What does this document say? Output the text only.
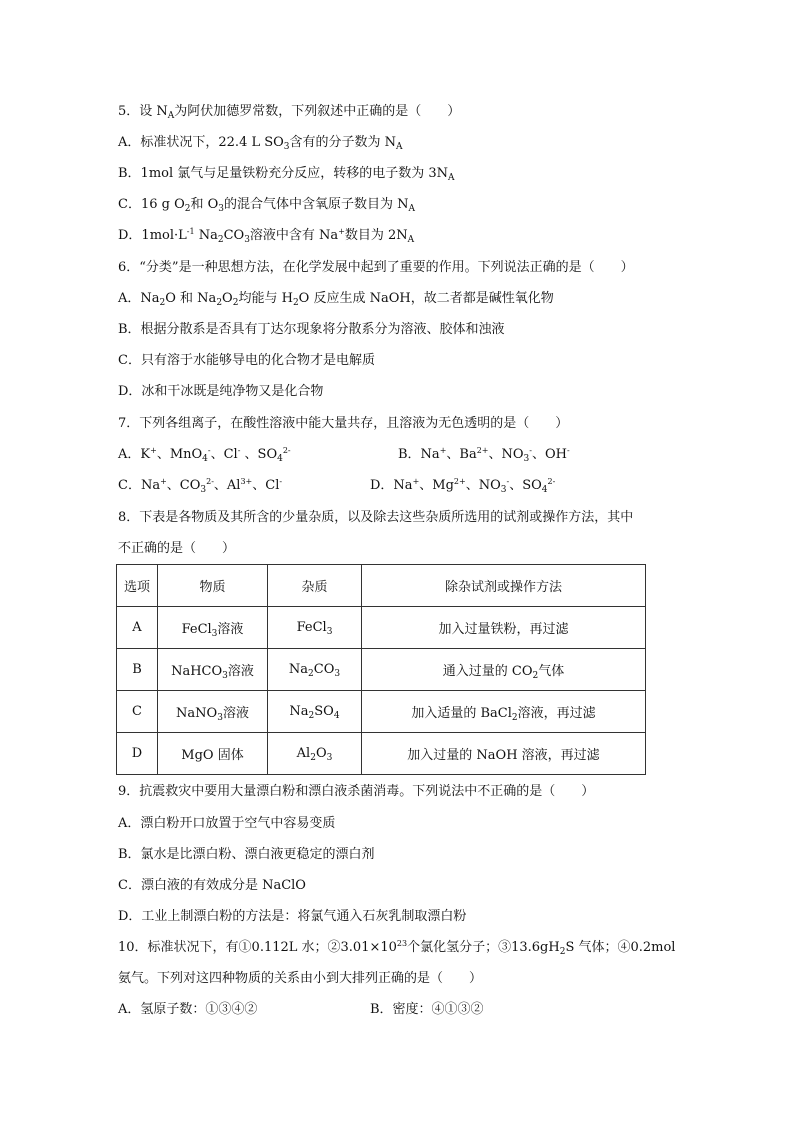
5．设 $N_A$为阿伏加德罗常数，下列叙述中正确的是（　　）
A．标准状况下，22.4 L $SO_3$含有的分子数为 $N_A$
B．1mol 氯气与足量铁粉充分反应，转移的电子数为 $3N_A$
C．16 g $O_2$和 $O_3$的混合气体中含氧原子数目为 $N_A$
D．$1mol\cdot L^{-1}$ $Na_2CO_3$溶液中含有 Na+数目为 $2N_A$
6．“分类”是一种思想方法，在化学发展中起到了重要的作用。下列说法正确的是（　　）
A．$Na_2O$ 和 $Na_2O_2$均能与 $H_2O$ 反应生成 NaOH，故二者都是碱性氧化物
B．根据分散系是否具有丁达尔现象将分散系分为溶液、胶体和浊液
C．只有溶于水能够导电的化合物才是电解质
D．冰和干冰既是纯净物又是化合物
7．下列各组离子，在酸性溶液中能大量共存，且溶液为无色透明的是（　　）
A．K+、MnO$_4$-、Cl- 、$SO_4^{2-}$	B．Na+、$Ba^{2+}$、$NO_3^-$、OH-
C．Na+、$CO_3^{2-}$、$Al^{3+}$、Cl-	D．Na+、$Mg^{2+}$、$NO_3^-$、$SO_4^{2-}$
8．下表是各物质及其所含的少量杂质，以及除去这些杂质所选用的试剂或操作方法，其中
不正确的是（　　）
选项	物质	杂质	除杂试剂或操作方法
A	FeCl$_3$溶液	FeCl$_3$	加入过量铁粉，再过滤
B	NaHCO$_3$溶液	$Na_2CO_3$	通入过量的 $CO_2$气体
C	NaNO$_3$溶液	$Na_2SO_4$	加入适量的 BaCl$_2$溶液，再过滤
D	MgO 固体	$Al_2O_3$	加入过量的 NaOH 溶液，再过滤
9．抗震救灾中要用大量漂白粉和漂白液杀菌消毒。下列说法中不正确的是（　　）
A．漂白粉开口放置于空气中容易变质
B．氯水是比漂白粉、漂白液更稳定的漂白剂
C．漂白液的有效成分是 NaClO
D．工业上制漂白粉的方法是：将氯气通入石灰乳制取漂白粉
10．标准状况下，有①0.112L 水；$②3.01\times 10^{23}$个氯化氢分子；$③13.6gH_2S$ 气体；④0.2mol
氨气。下列对这四种物质的关系由小到大排列正确的是（　　）
A．氢原子数：①③④②	B．密度：④①③②
